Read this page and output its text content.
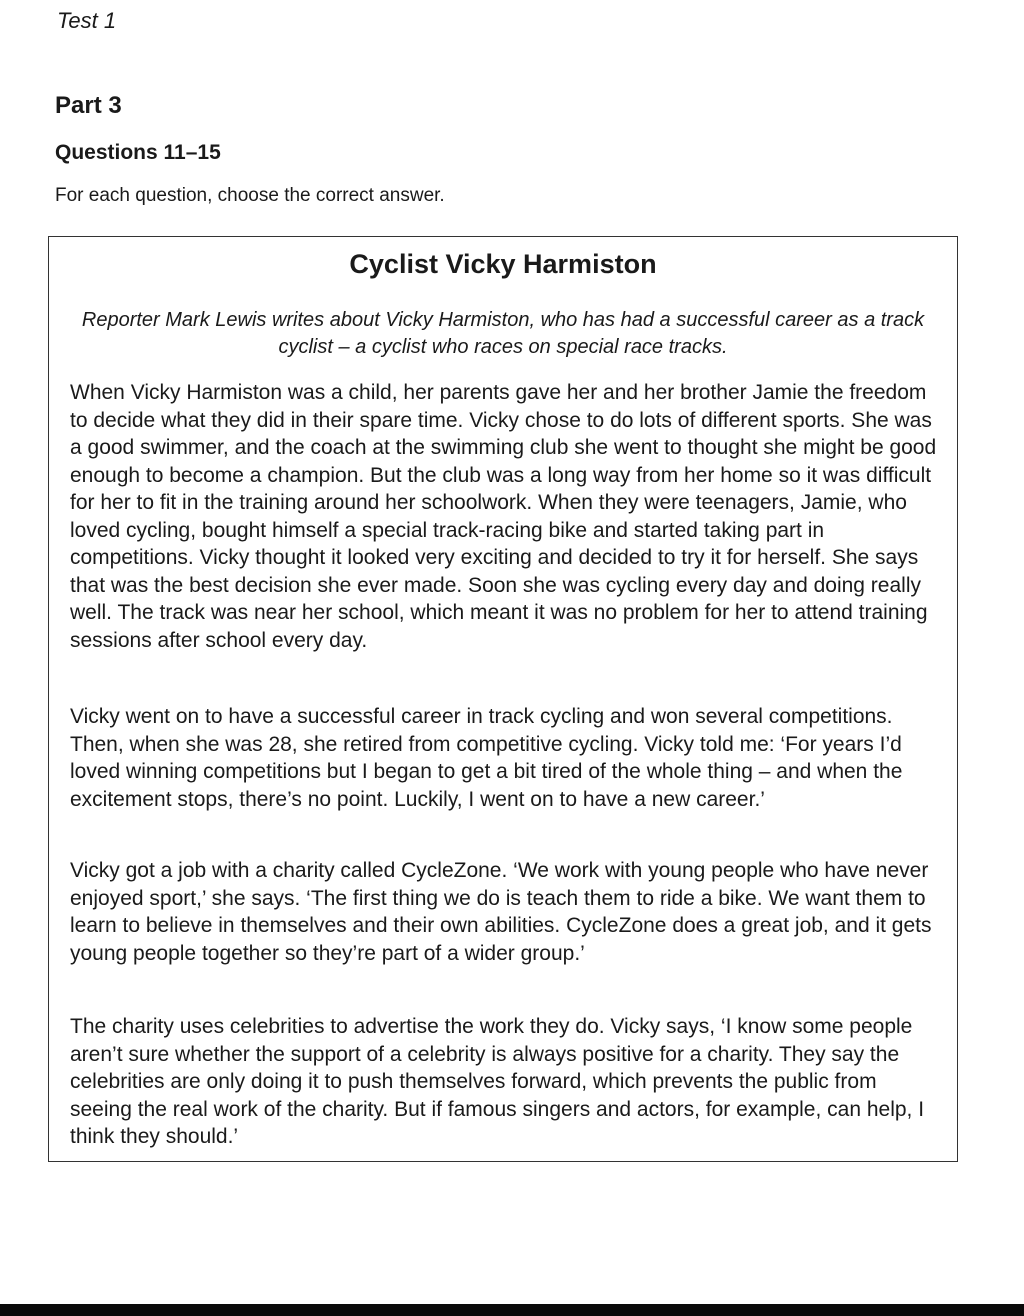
Test 1
Part 3
Questions 11–15
For each question, choose the correct answer.
Cyclist Vicky Harmiston
Reporter Mark Lewis writes about Vicky Harmiston, who has had a successful career as a track cyclist – a cyclist who races on special race tracks.

When Vicky Harmiston was a child, her parents gave her and her brother Jamie the freedom to decide what they did in their spare time. Vicky chose to do lots of different sports. She was a good swimmer, and the coach at the swimming club she went to thought she might be good enough to become a champion. But the club was a long way from her home so it was difficult for her to fit in the training around her schoolwork. When they were teenagers, Jamie, who loved cycling, bought himself a special track-racing bike and started taking part in competitions. Vicky thought it looked very exciting and decided to try it for herself. She says that was the best decision she ever made. Soon she was cycling every day and doing really well. The track was near her school, which meant it was no problem for her to attend training sessions after school every day.

Vicky went on to have a successful career in track cycling and won several competitions. Then, when she was 28, she retired from competitive cycling. Vicky told me: ‘For years I’d loved winning competitions but I began to get a bit tired of the whole thing – and when the excitement stops, there’s no point. Luckily, I went on to have a new career.’

Vicky got a job with a charity called CycleZone. ‘We work with young people who have never enjoyed sport,’ she says. ‘The first thing we do is teach them to ride a bike. We want them to learn to believe in themselves and their own abilities. CycleZone does a great job, and it gets young people together so they’re part of a wider group.’

The charity uses celebrities to advertise the work they do. Vicky says, ‘I know some people aren’t sure whether the support of a celebrity is always positive for a charity. They say the celebrities are only doing it to push themselves forward, which prevents the public from seeing the real work of the charity. But if famous singers and actors, for example, can help, I think they should.’
